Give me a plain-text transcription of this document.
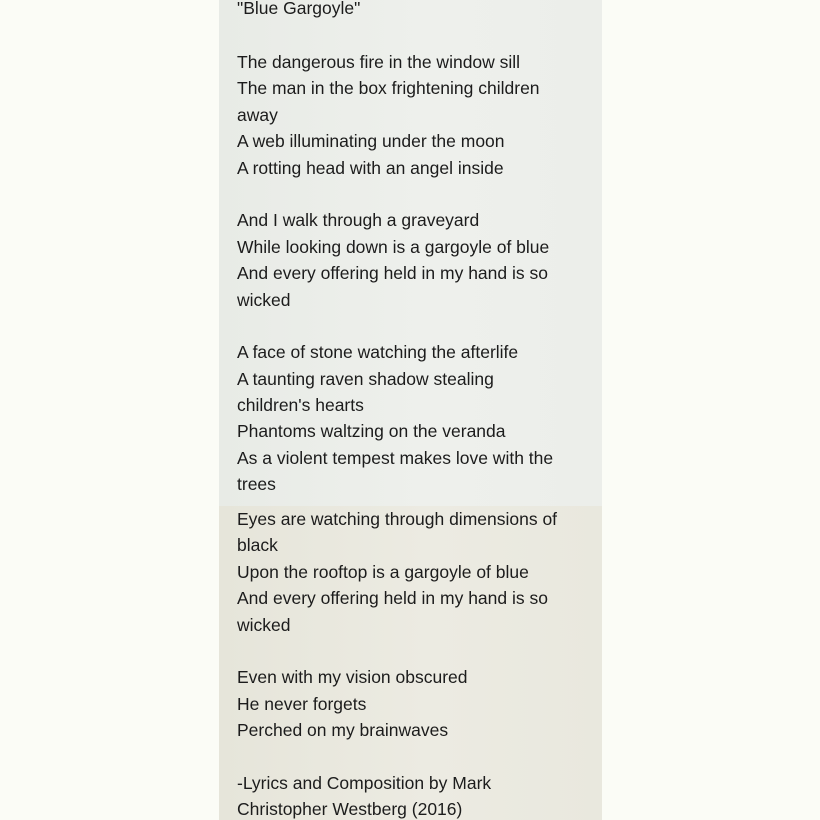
"Blue Gargoyle"
The dangerous fire in the window sill
The man in the box frightening children
away
A web illuminating under the moon
A rotting head with an angel inside
And I walk through a graveyard
While looking down is a gargoyle of blue
And every offering held in my hand is so
wicked
A face of stone watching the afterlife
A taunting raven shadow stealing
children's hearts
Phantoms waltzing on the veranda
As a violent tempest makes love with the
trees
Eyes are watching through dimensions of
black
Upon the rooftop is a gargoyle of blue
And every offering held in my hand is so
wicked
Even with my vision obscured
He never forgets
Perched on my brainwaves
-Lyrics and Composition by Mark
Christopher Westberg (2016)
